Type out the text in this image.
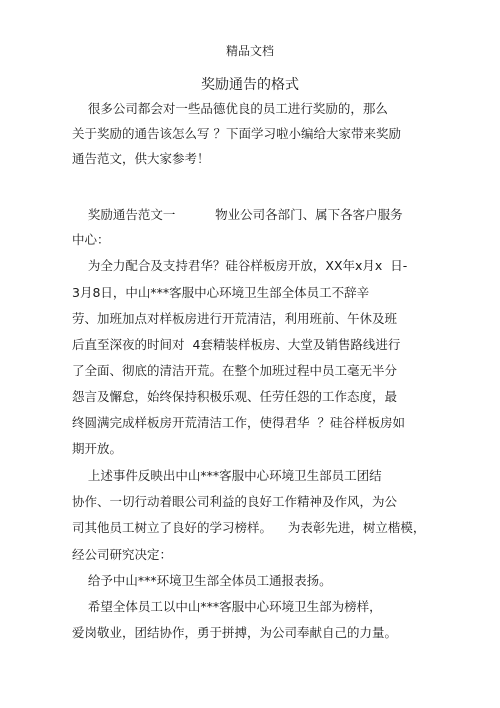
精品文档
奖励通告的格式
很多公司都会对一些品德优良的员工进行奖励的，那么
关于奖励的通告该怎么写 ？下面学习啦小编给大家带来奖励
通告范文，供大家参考！
奖励通告范文一          物业公司各部门、属下各客户服务
中心：
为全力配合及支持君华？硅谷样板房开放，XX年x月x  日-
3月8日，中山***客服中心环境卫生部全体员工不辞辛
劳、加班加点对样板房进行开荒清洁，利用班前、午休及班
后直至深夜的时间对  4套精装样板房、大堂及销售路线进行
了全面、彻底的清洁开荒。在整个加班过程中员工毫无半分
怨言及懈怠，始终保持积极乐观、任劳任怨的工作态度，最
终圆满完成样板房开荒清洁工作，使得君华  ？硅谷样板房如
期开放。
上述事件反映出中山***客服中心环境卫生部员工团结
协作、一切行动着眼公司利益的良好工作精神及作风，为公
司其他员工树立了良好的学习榜样。    为表彰先进，树立楷模，
经公司研究决定：
给予中山***环境卫生部全体员工通报表扬。
希望全体员工以中山***客服中心环境卫生部为榜样，
爱岗敬业，团结协作，勇于拼搏，为公司奉献自己的力量。
